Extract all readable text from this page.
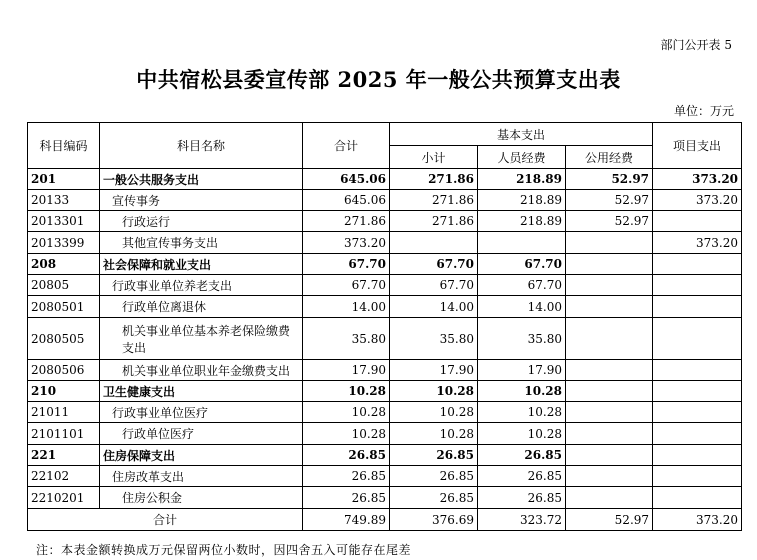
部门公开表 5
中共宿松县委宣传部 2025 年一般公共预算支出表
单位：万元
科目编码	科目名称	合计	基本支出			项目支出
			小计	人员经费	公用经费	
201	一般公共服务支出	645.06	271.86	218.89	52.97	373.20
20133	宣传事务	645.06	271.86	218.89	52.97	373.20
2013301	行政运行	271.86	271.86	218.89	52.97	
2013399	其他宣传事务支出	373.20				373.20
208	社会保障和就业支出	67.70	67.70	67.70		
20805	行政事业单位养老支出	67.70	67.70	67.70		
2080501	行政单位离退休	14.00	14.00	14.00		
2080505	机关事业单位基本养老保险缴费支出	35.80	35.80	35.80		
2080506	机关事业单位职业年金缴费支出	17.90	17.90	17.90		
210	卫生健康支出	10.28	10.28	10.28		
21011	行政事业单位医疗	10.28	10.28	10.28		
2101101	行政单位医疗	10.28	10.28	10.28		
221	住房保障支出	26.85	26.85	26.85		
22102	住房改革支出	26.85	26.85	26.85		
2210201	住房公积金	26.85	26.85	26.85		
合计		749.89	376.69	323.72	52.97	373.20
注：本表金额转换成万元保留两位小数时，因四舍五入可能存在尾差
